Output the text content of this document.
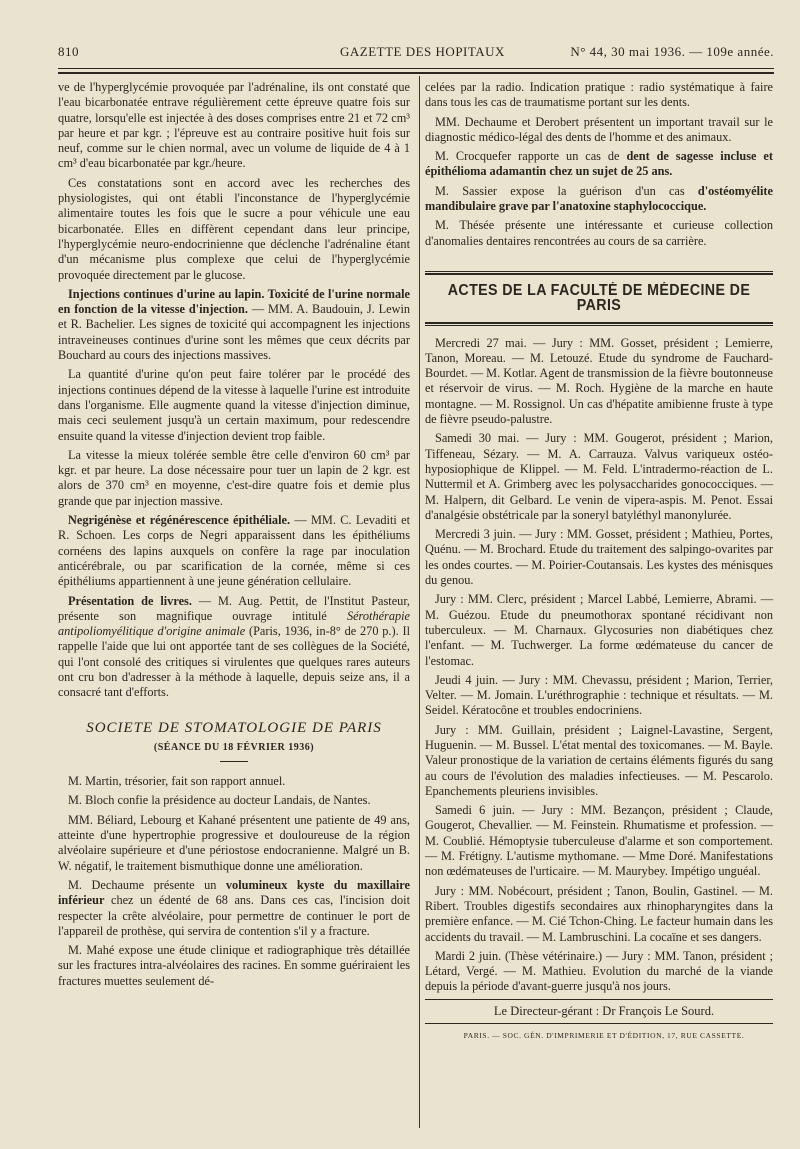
810	GAZETTE DES HOPITAUX	N° 44, 30 mai 1936. — 109e année.

ve de l'hyperglycémie provoquée par l'adrénaline, ils ont constaté que l'eau bicarbonatée entrave régulièrement cette épreuve quatre fois sur quatre, lorsqu'elle est injectée à des doses comprises entre 21 et 72 cm³ par heure et par kgr. ; l'épreuve est au contraire positive huit fois sur neuf, comme sur le chien normal, avec un volume de liquide de 4 à 1 cm³ d'eau bicarbonatée par kgr./heure.

Ces constatations sont en accord avec les recherches des physiologistes, qui ont établi l'inconstance de l'hyperglycémie alimentaire toutes les fois que le sucre a pour véhicule une eau bicarbonatée. Elles en diffèrent cependant dans leur principe, l'hyperglycémie neuro-endocrinienne que déclenche l'adrénaline étant d'un mécanisme plus complexe que celui de l'hyperglycémie provoquée directement par le glucose.

Injections continues d'urine au lapin. Toxicité de l'urine normale en fonction de la vitesse d'injection. — MM. A. Baudouin, J. Lewin et R. Bachelier. Les signes de toxicité qui accompagnent les injections intraveineuses continues d'urine sont les mêmes que ceux décrits par Bouchard au cours des injections massives.

La quantité d'urine qu'on peut faire tolérer par le procédé des injections continues dépend de la vitesse à laquelle l'urine est introduite dans l'organisme. Elle augmente quand la vitesse d'injection diminue, mais ceci seulement jusqu'à un certain maximum, pour redescendre ensuite quand la vitesse d'injection devient trop faible.

La vitesse la mieux tolérée semble être celle d'environ 60 cm³ par kgr. et par heure. La dose nécessaire pour tuer un lapin de 2 kgr. est alors de 370 cm³ en moyenne, c'est-dire quatre fois et demie plus grande que par injection massive.

Negrigénèse et régénérescence épithéliale. — MM. C. Levaditi et R. Schoen. Les corps de Negri apparaissent dans les épithéliums cornéens des lapins auxquels on confère la rage par inoculation anticérébrale, ou par scarification de la cornée, même si ces épithéliums appartiennent à une jeune génération cellulaire.

Présentation de livres. — M. Aug. Pettit, de l'Institut Pasteur, présente son magnifique ouvrage intitulé Sérothérapie antipoliomyélitique d'origine animale (Paris, 1936, in-8° de 270 p.). Il rappelle l'aide que lui ont apportée tant de ses collègues de la Société, qui l'ont consolé des critiques si virulentes que quelques rares auteurs ont cru bon d'adresser à la méthode à laquelle, depuis seize ans, il a consacré tant d'efforts.

SOCIETE DE STOMATOLOGIE DE PARIS
(SÉANCE DU 18 FÉVRIER 1936)

M. Martin, trésorier, fait son rapport annuel.

M. Bloch confie la présidence au docteur Landais, de Nantes.

MM. Béliard, Lebourg et Kahané présentent une patiente de 49 ans, atteinte d'une hypertrophie progressive et douloureuse de la région alvéolaire supérieure et d'une périostose endocranienne. Malgré un B. W. négatif, le traitement bismuthique donne une amélioration.

M. Dechaume présente un volumineux kyste du maxillaire inférieur chez un édenté de 68 ans. Dans ces cas, l'incision doit respecter la crête alvéolaire, pour permettre de continuer le port de l'appareil de prothèse, qui servira de contention s'il y a fracture.

M. Mahé expose une étude clinique et radiographique très détaillée sur les fractures intra-alvéolaires des racines. En somme guériraient les fractures muettes seulement dé-

celées par la radio. Indication pratique : radio systématique à faire dans tous les cas de traumatisme portant sur les dents.

MM. Dechaume et Derobert présentent un important travail sur le diagnostic médico-légal des dents de l'homme et des animaux.

M. Crocquefer rapporte un cas de dent de sagesse incluse et épithélioma adamantin chez un sujet de 25 ans.

M. Sassier expose la guérison d'un cas d'ostéomyélite mandibulaire grave par l'anatoxine staphylococcique.

M. Thésée présente une intéressante et curieuse collection d'anomalies dentaires rencontrées au cours de sa carrière.

ACTES DE LA FACULTÉ DE MÉDECINE DE PARIS

Mercredi 27 mai. — Jury : MM. Gosset, président ; Lemierre, Tanon, Moreau. — M. Letouzé. Etude du syndrome de Fauchard-Bourdet. — M. Kotlar. Agent de transmission de la fièvre boutonneuse et réservoir de virus. — M. Roch. Hygiène de la marche en haute montagne. — M. Rossignol. Un cas d'hépatite amibienne fruste à type de fièvre pseudo-palustre.

Samedi 30 mai. — Jury : MM. Gougerot, président ; Marion, Tiffeneau, Sézary. — M. A. Carrauza. Valvus variqueux ostéo-hyposiophique de Klippel. — M. Feld. L'intradermo-réaction de L. Nuttermil et A. Grimberg avec les polysaccharides gonococciques. — M. Halpern, dit Gelbard. Le venin de vipera-aspis. M. Penot. Essai d'analgésie obstétricale par la soneryl batyléthyl manonylurée.

Mercredi 3 juin. — Jury : MM. Gosset, président ; Mathieu, Portes, Quénu. — M. Brochard. Etude du traitement des salpingo-ovarites par les ondes courtes. — M. Poirier-Coutansais. Les kystes des ménisques du genou.

Jury : MM. Clerc, président ; Marcel Labbé, Lemierre, Abrami. — M. Guézou. Etude du pneumothorax spontané récidivant non tuberculeux. — M. Charnaux. Glycosuries non diabétiques chez l'enfant. — M. Tuchwerger. La forme œdémateuse du cancer de l'estomac.

Jeudi 4 juin. — Jury : MM. Chevassu, président ; Marion, Terrier, Velter. — M. Jomain. L'uréthrographie : technique et résultats. — M. Seidel. Kératocône et troubles endocriniens.

Jury : MM. Guillain, président ; Laignel-Lavastine, Sergent, Huguenin. — M. Bussel. L'état mental des toxicomanes. — M. Bayle. Valeur pronostique de la variation de certains éléments figurés du sang au cours de l'évolution des maladies infectieuses. — M. Pescarolo. Epanchements pleuriens invisibles.

Samedi 6 juin. — Jury : MM. Bezançon, président ; Claude, Gougerot, Chevallier. — M. Feinstein. Rhumatisme et profession. — M. Coublié. Hémoptysie tuberculeuse d'alarme et son comportement. — M. Frétigny. L'autisme mythomane. — Mme Doré. Manifestations non œdémateuses de l'urticaire. — M. Maurybey. Impétigo unguéal.

Jury : MM. Nobécourt, président ; Tanon, Boulin, Gastinel. — M. Ribert. Troubles digestifs secondaires aux rhinopharyngites dans la première enfance. — M. Cié Tchon-Ching. Le facteur humain dans les accidents du travail. — M. Lambruschini. La cocaïne et ses dangers.

Mardi 2 juin. (Thèse vétérinaire.) — Jury : MM. Tanon, président ; Létard, Vergé. — M. Mathieu. Evolution du marché de la viande depuis la période d'avant-guerre jusqu'à nos jours.

Le Directeur-gérant : Dr François Le Sourd.

PARIS. — SOC. GÉN. D'IMPRIMERIE ET D'ÉDITION, 17, RUE CASSETTE.
